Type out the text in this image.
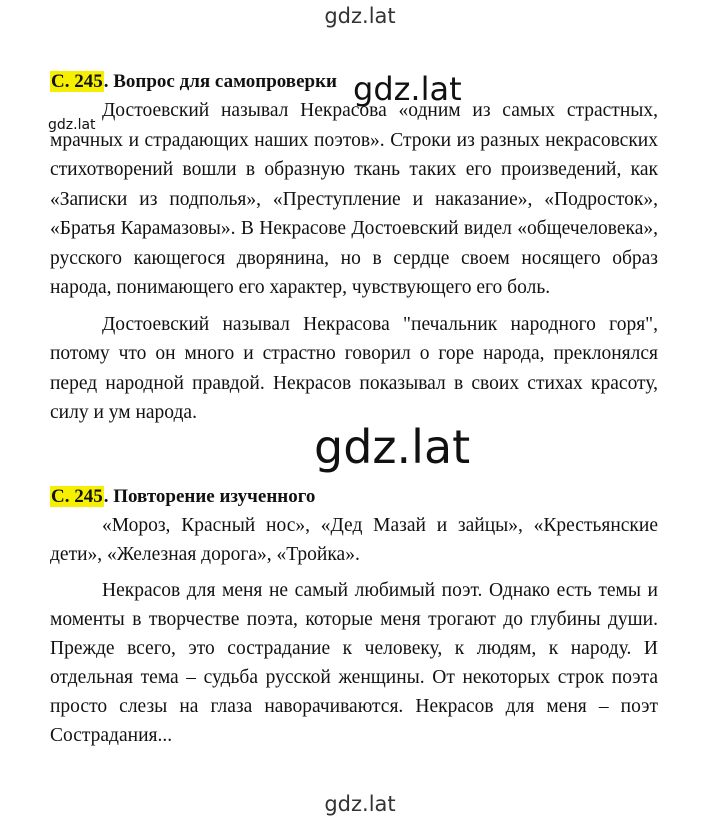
gdz.lat
С. 245. Вопрос для самопроверки

Достоевский называл Некрасова «одним из самых страстных, мрачных и страдающих наших поэтов». Строки из разных некрасовских стихотворений вошли в образную ткань таких его произведений, как «Записки из подполья», «Преступление и наказание», «Подросток», «Братья Карамазовы». В Некрасове Достоевский видел «общечеловека», русского кающегося дворянина, но в сердце своем носящего образ народа, понимающего его характер, чувствующего его боль.

Достоевский называл Некрасова "печальник народного горя", потому что он много и страстно говорил о горе народа, преклонялся перед народной правдой. Некрасов показывал в своих стихах красоту, силу и ум народа.

С. 245. Повторение изученного

«Мороз, Красный нос», «Дед Мазай и зайцы», «Крестьянские дети», «Железная дорога», «Тройка».

Некрасов для меня не самый любимый поэт. Однако есть темы и моменты в творчестве поэта, которые меня трогают до глубины души. Прежде всего, это сострадание к человеку, к людям, к народу. И отдельная тема – судьба русской женщины. От некоторых строк поэта просто слезы на глаза наворачиваются. Некрасов для меня – поэт Сострадания...

gdz.lat
gdz.lat
gdz.lat
gdz.lat
